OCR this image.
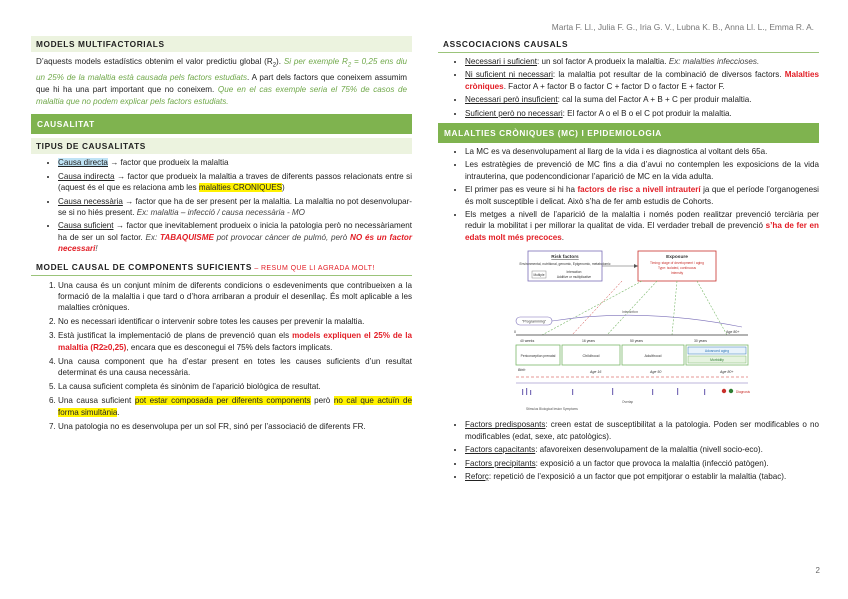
Marta F. Ll., Julia F. G., Iria G. V., Lubna K. B., Anna Ll. L., Emma R. A.
MODELS MULTIFACTORIALS
D’aquests models estadístics obtenim el valor predictiu global $(R_2)$. Si per exemple $R_2 = 0,25$ ens diu un 25% de la malaltia està causada pels factors estudiats. A part dels factors que coneixem assumim que hi ha una part important que no coneixem. Que en el cas exemple seria el 75% de casos de malaltia que no podem explicar pels factors estudiats.
CAUSALITAT
TIPUS DE CAUSALITATS
• Causa directa → factor que produeix la malaltia
• Causa indirecta → factor que produeix la malaltia a traves de diferents passos relacionats entre si (aquest és el que es relaciona amb les malalties CRONIQUES)
• Causa necessària → factor que ha de ser present per la malaltia. La malaltia no pot desenvolupar-se si no hiés present. Ex: malaltia – infecció / causa necessària - MO
• Causa suficient → factor que inevitablement produeix o inicia la patologia però no necessàriament ha de ser un sol factor. Ex: TABAQUISME pot provocar càncer de pulmó, però NO és un factor necessari!
MODEL CAUSAL DE COMPONENTS SUFICIENTS – RESUM QUE LI AGRADA MOLT!
1. Una causa és un conjunt mínim de diferents condicions o esdeveniments que contribueixen a la formació de la malaltia i que tard o d’hora arribaran a produir el desenllaç. És molt aplicable a les malalties cròniques.
2. No es necessari identificar o intervenir sobre totes les causes per prevenir la malaltia.
3. Està justificat la implementació de plans de prevenció quan els models expliquen el 25% de la malaltia (R2≥0,25), encara que es desconegui el 75% dels factors implicats.
4. Una causa component que ha d’estar present en totes les causes suficients d’un resultat determinat és una causa necessària.
5. La causa suficient completa és sinònim de l’aparició biològica de resultat.
6. Una causa suficient pot estar composada per diferents components però no cal que actuïn de forma simultània.
7. Una patologia no es desenvolupa per un sol FR, sinó per l’associació de diferents FR.
ASSCOCIACIONS CAUSALS
• Necessari i suficient: un sol factor A produeix la malaltia. Ex: malalties infeccioses.
• Ni suficient ni necessari: la malaltia pot resultar de la combinació de diversos factors. Malalties cròniques. Factor A + factor B o factor C + factor D o factor E + factor F.
• Necessari però insuficient: cal la suma del Factor A + B + C per produir malaltia.
• Suficient però no necessari: El factor A o el B o el C pot produir la malaltia.
MALALTIES CRÒNIQUES (MC) I EPIDEMIOLOGIA
• La MC es va desenvolupament al llarg de la vida i es diagnostica al voltant dels 65a.
• Les estratègies de prevenció de MC fins a dia d’avui no contemplen les exposicions de la vida intrauterina, que podencondicionar l’aparició de MC en la vida adulta.
• El primer pas es veure si hi ha factors de risc a nivell intrauterí ja que el període l’organogenesi és molt susceptible i delicat. Això s’ha de fer amb estudis de Cohorts.
• Els metges a nivell de l’aparició de la malaltia i només poden realitzar prevenció terciària per reduir la mobilitat i per millorar la qualitat de vida. El verdader treball de prevenció s’ha de fer en edats molt més precoces.
Risk factors
Environmental, nutritional, genomic, Epigenomic, metabolomic
Multiple
Interaction
Additive or multiplicative
Exposure
Timing: stage of development / aging
Type: isolated, continuous
Intensity
"Programming"
Interaction
0	Age 80+
40 weeks	16 years	50 years	30 years
Periconception prenatal	Childhood	Adulthood
Advanced aging
Morbidity
Birth	Age 16	Age 50	Age 80+
Diagnosis
Overlap
Stimulus Biological lesion Symptoms
• Factors predisposants: creen estat de susceptibilitat a la patologia. Poden ser modificables o no modificables (edat, sexe, atc patològics).
• Factors capacitants: afavoreixen desenvolupament de la malaltia (nivell socio-eco).
• Factors precipitants: exposició a un factor que provoca la malaltia (infecció patògen).
• Reforç: repetició de l’exposició a un factor que pot empitjorar o establir la malaltia (tabac).
2
